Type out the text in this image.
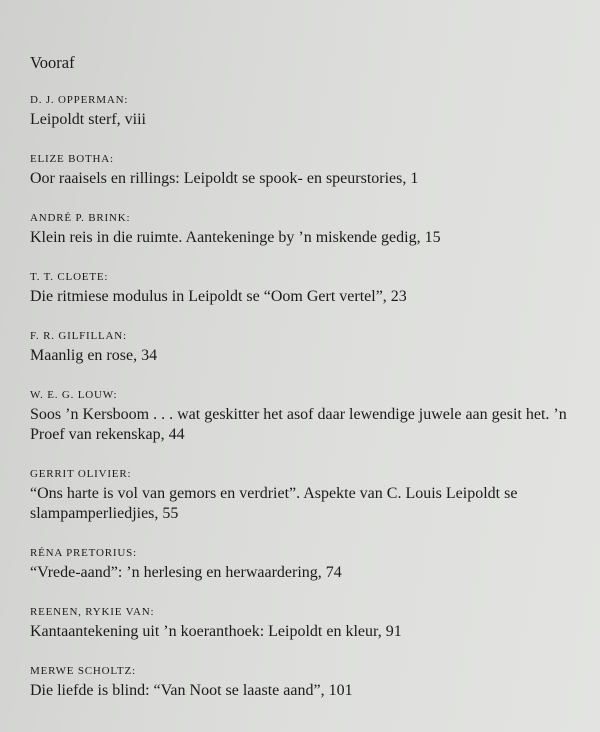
Vooraf
D. J. OPPERMAN:
Leipoldt sterf, viii
ELIZE BOTHA:
Oor raaisels en rillings: Leipoldt se spook- en speurstories, 1
ANDRÉ P. BRINK:
Klein reis in die ruimte. Aantekeninge by ’n miskende gedig, 15
T. T. CLOETE:
Die ritmiese modulus in Leipoldt se “Oom Gert vertel”, 23
F. R. GILFILLAN:
Maanlig en rose, 34
W. E. G. LOUW:
Soos ’n Kersboom . . . wat geskitter het asof daar lewendige juwele aan gesit het. ’n Proef van rekenskap, 44
GERRIT OLIVIER:
“Ons harte is vol van gemors en verdriet”. Aspekte van C. Louis Leipoldt se slampamperliedjies, 55
RÉNA PRETORIUS:
“Vrede-aand”: ’n herlesing en herwaardering, 74
REENEN, RYKIE VAN:
Kantaantekening uit ’n koeranthoek: Leipoldt en kleur, 91
MERWE SCHOLTZ:
Die liefde is blind: “Van Noot se laaste aand”, 101
